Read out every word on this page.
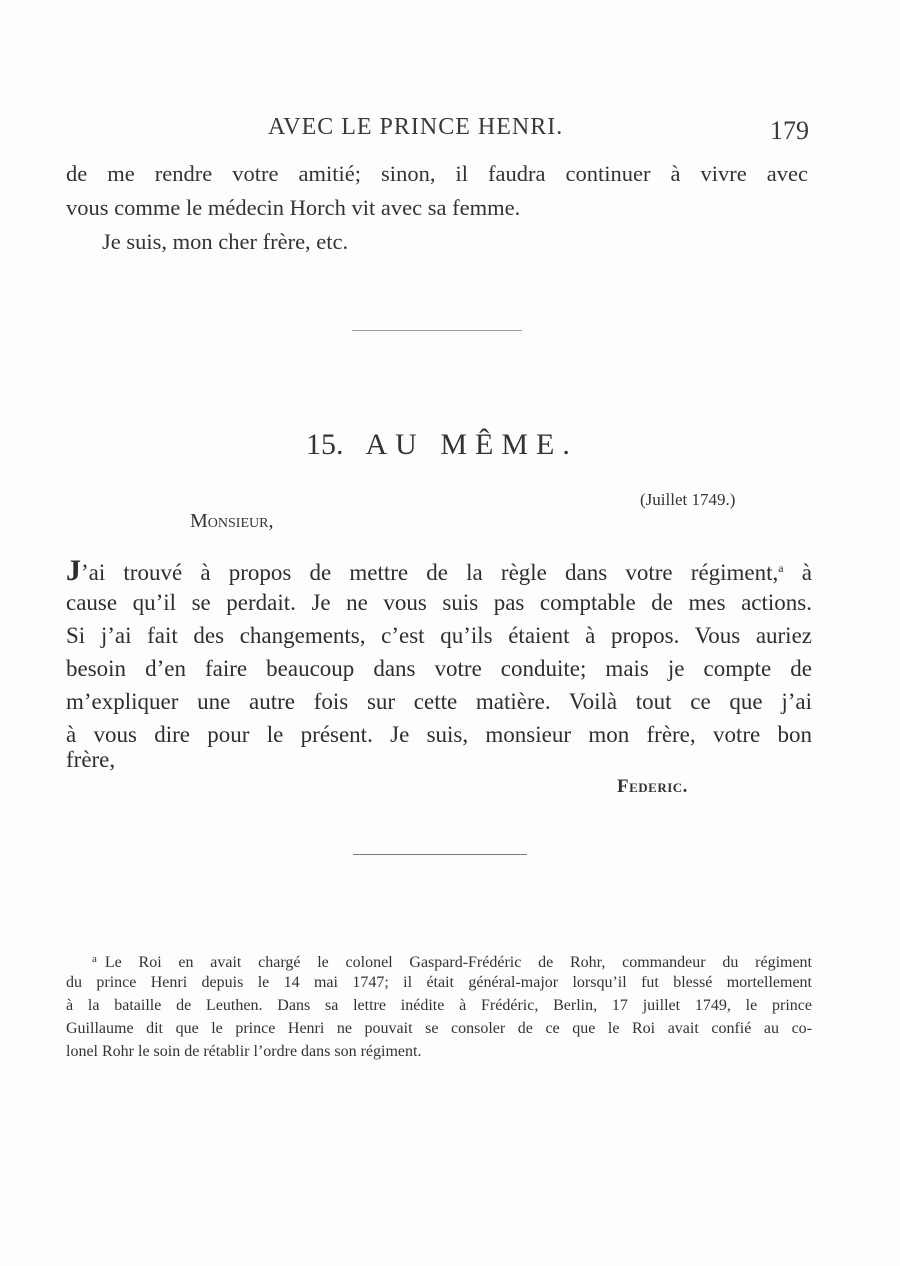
AVEC LE PRINCE HENRI.	179
de me rendre votre amitié; sinon, il faudra continuer à vivre avec
vous comme le médecin Horch vit avec sa femme.
Je suis, mon cher frère, etc.
15. AU MÊME.
(Juillet 1749.)
Monsieur,
J’ai trouvé à propos de mettre de la règle dans votre régiment,$^a$ à
cause qu’il se perdait. Je ne vous suis pas comptable de mes actions.
Si j’ai fait des changements, c’est qu’ils étaient à propos. Vous auriez
besoin d’en faire beaucoup dans votre conduite; mais je compte de
m’expliquer une autre fois sur cette matière. Voilà tout ce que j’ai
à vous dire pour le présent. Je suis, monsieur mon frère, votre bon
frère,
Federic.
$^a$ Le Roi en avait chargé le colonel Gaspard-Frédéric de Rohr, commandeur du régiment
du prince Henri depuis le 14 mai 1747; il était général-major lorsqu’il fut blessé mortellement
à la bataille de Leuthen. Dans sa lettre inédite à Frédéric, Berlin, 17 juillet 1749, le prince
Guillaume dit que le prince Henri ne pouvait se consoler de ce que le Roi avait confié au co-
lonel Rohr le soin de rétablir l’ordre dans son régiment.
